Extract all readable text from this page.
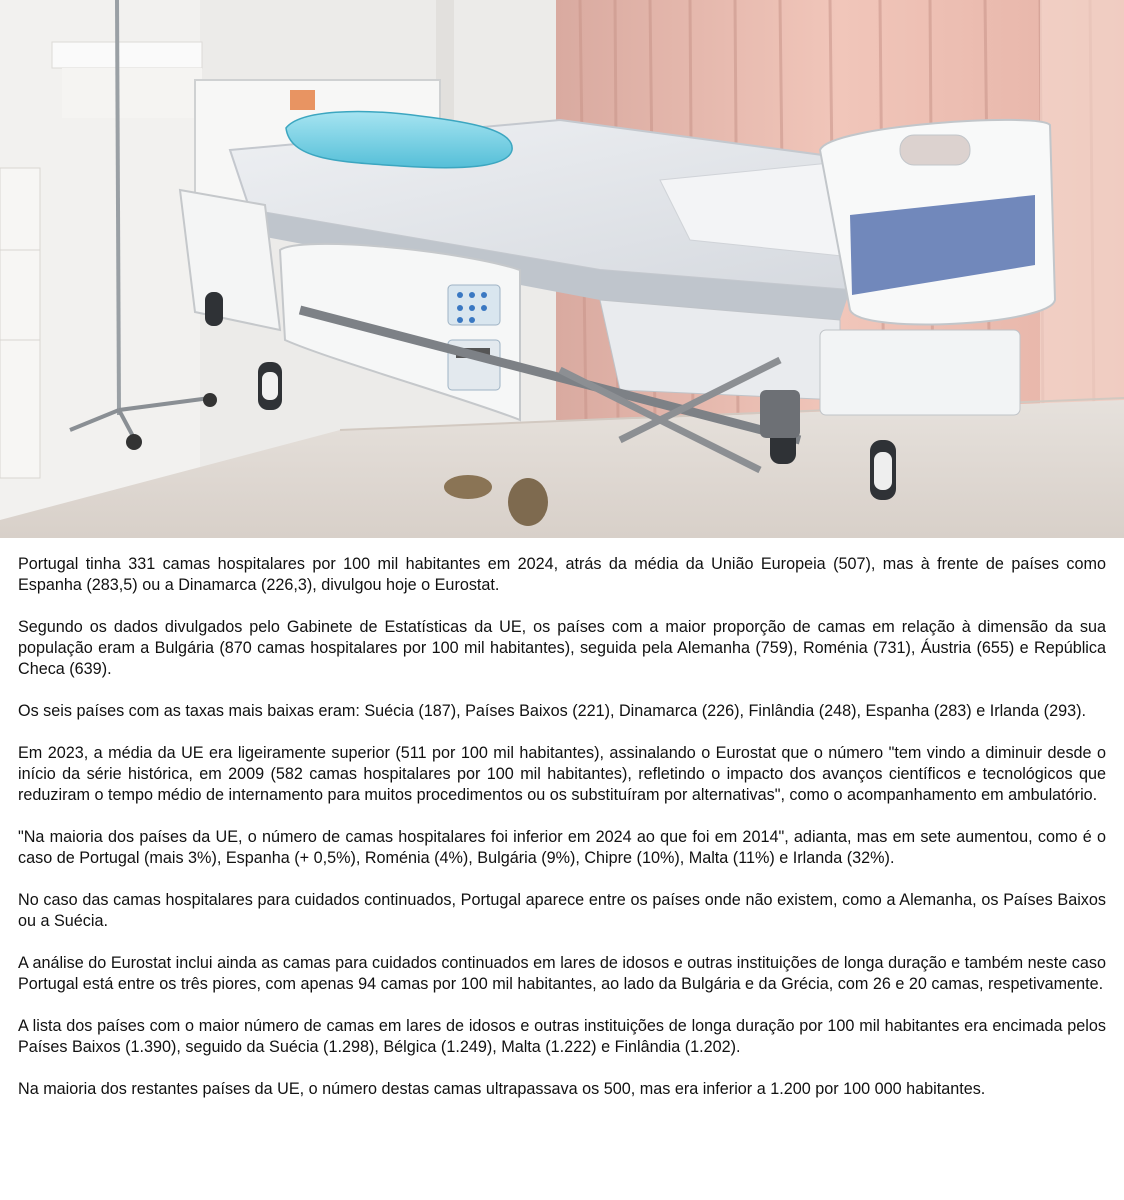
Portugal tinha 331 camas hospitalares por 100 mil habitantes em 2024, atrás da média da União Europeia (507), mas à frente de países como Espanha (283,5) ou a Dinamarca (226,3), divulgou hoje o Eurostat.

Segundo os dados divulgados pelo Gabinete de Estatísticas da UE, os países com a maior proporção de camas em relação à dimensão da sua população eram a Bulgária (870 camas hospitalares por 100 mil habitantes), seguida pela Alemanha (759), Roménia (731), Áustria (655) e República Checa (639).

Os seis países com as taxas mais baixas eram: Suécia (187), Países Baixos (221), Dinamarca (226), Finlândia (248), Espanha (283) e Irlanda (293).

Em 2023, a média da UE era ligeiramente superior (511 por 100 mil habitantes), assinalando o Eurostat que o número "tem vindo a diminuir desde o início da série histórica, em 2009 (582 camas hospitalares por 100 mil habitantes), refletindo o impacto dos avanços científicos e tecnológicos que reduziram o tempo médio de internamento para muitos procedimentos ou os substituíram por alternativas", como o acompanhamento em ambulatório.

"Na maioria dos países da UE, o número de camas hospitalares foi inferior em 2024 ao que foi em 2014", adianta, mas em sete aumentou, como é o caso de Portugal (mais 3%), Espanha (+ 0,5%), Roménia (4%), Bulgária (9%), Chipre (10%), Malta (11%) e Irlanda (32%).

No caso das camas hospitalares para cuidados continuados, Portugal aparece entre os países onde não existem, como a Alemanha, os Países Baixos ou a Suécia.

A análise do Eurostat inclui ainda as camas para cuidados continuados em lares de idosos e outras instituições de longa duração e também neste caso Portugal está entre os três piores, com apenas 94 camas por 100 mil habitantes, ao lado da Bulgária e da Grécia, com 26 e 20 camas, respetivamente.

A lista dos países com o maior número de camas em lares de idosos e outras instituições de longa duração por 100 mil habitantes era encimada pelos Países Baixos (1.390), seguido da Suécia (1.298), Bélgica (1.249), Malta (1.222) e Finlândia (1.202).

Na maioria dos restantes países da UE, o número destas camas ultrapassava os 500, mas era inferior a 1.200 por 100 000 habitantes.
